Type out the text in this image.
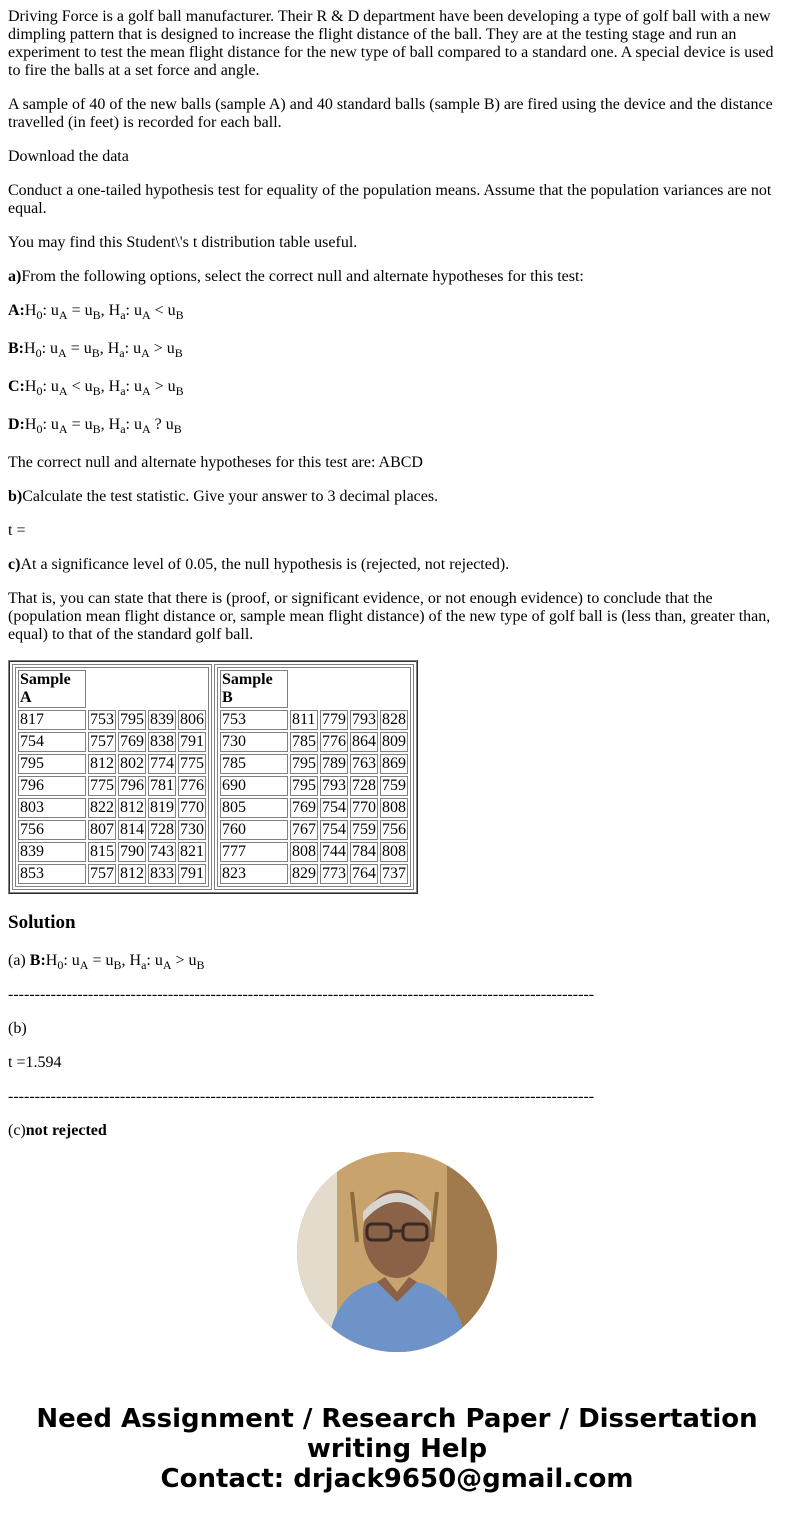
Driving Force is a golf ball manufacturer. Their R & D department have been developing a type of golf ball with a new dimpling pattern that is designed to increase the flight distance of the ball. They are at the testing stage and run an experiment to test the mean flight distance for the new type of ball compared to a standard one. A special device is used to fire the balls at a set force and angle.

A sample of 40 of the new balls (sample A) and 40 standard balls (sample B) are fired using the device and the distance travelled (in feet) is recorded for each ball.

Download the data

Conduct a one-tailed hypothesis test for equality of the population means. Assume that the population variances are not equal.

You may find this Student\'s t distribution table useful.

a)From the following options, select the correct null and alternate hypotheses for this test:

$A:H_0$: $u_A = u_B$, $H_a$: $u_A < u_B$

$B:H_0$: $u_A = u_B$, $H_a$: $u_A > u_B$

$C:H_0$: $u_A < u_B$, $H_a$: $u_A > u_B$

$D:H_0$: $u_A = u_B$, $H_a$: $u_A$ ? $u_B$

The correct null and alternate hypotheses for this test are: ABCD

b)Calculate the test statistic. Give your answer to 3 decimal places.

t =

c)At a significance level of 0.05, the null hypothesis is (rejected, not rejected).

That is, you can state that there is (proof, or significant evidence, or not enough evidence) to conclude that the (population mean flight distance or, sample mean flight distance) of the new type of golf ball is (less than, greater than, equal) to that of the standard golf ball.

Sample A	
817	753	795	839	806
754	757	769	838	791
795	812	802	774	775
796	775	796	781	776
803	822	812	819	770
756	807	814	728	730
839	815	790	743	821
853	757	812	833	791

Sample B	
753	811	779	793	828
730	785	776	864	809
785	795	789	763	869
690	795	793	728	759
805	769	754	770	808
760	767	754	759	756
777	808	744	784	808
823	829	773	764	737
Solution

(a) $B:H_0$: $u_A = u_B$, $H_a$: $u_A > u_B$

--------------------------------------------------------------------------------------------------------------

(b)

t =1.594

--------------------------------------------------------------------------------------------------------------

(c)not rejected

Need Assignment / Research Paper / Dissertation
writing Help
Contact: drjack9650@gmail.com
